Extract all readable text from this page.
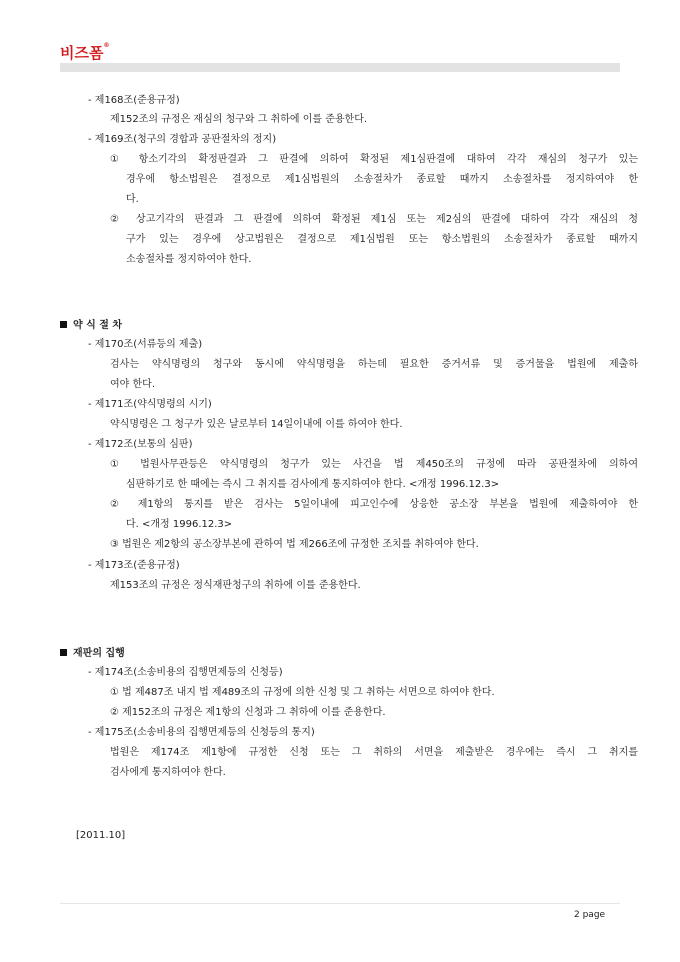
비즈폼®
- 제168조(준용규정)
제152조의 규정은 재심의 청구와 그 취하에 이를 준용한다.
- 제169조(청구의 경합과 공판절차의 정지)
① 항소기각의 확정판결과 그 판결에 의하여 확정된 제1심판결에 대하여 각각 재심의 청구가 있는
경우에 항소법원은 결정으로 제1심법원의 소송절차가 종료할 때까지 소송절차를 정지하여야 한
다.
② 상고기각의 판결과 그 판결에 의하여 확정된 제1심 또는 제2심의 판결에 대하여 각각 재심의 청
구가 있는 경우에 상고법원은 결정으로 제1심법원 또는 항소법원의 소송절차가 종료할 때까지
소송절차를 정지하여야 한다.
약 식 절 차
- 제170조(서류등의 제출)
검사는 약식명령의 청구와 동시에 약식명령을 하는데 필요한 증거서류 및 증거물을 법원에 제출하
여야 한다.
- 제171조(약식명령의 시기)
약식명령은 그 청구가 있은 날로부터 14일이내에 이를 하여야 한다.
- 제172조(보통의 심판)
① 법원사무관등은 약식명령의 청구가 있는 사건을 법 제450조의 규정에 따라 공판절차에 의하여
심판하기로 한 때에는 즉시 그 취지를 검사에게 통지하여야 한다. <개정 1996.12.3>
② 제1항의 통지를 받은 검사는 5일이내에 피고인수에 상응한 공소장 부본을 법원에 제출하여야 한
다. <개정 1996.12.3>
③ 법원은 제2항의 공소장부본에 관하여 법 제266조에 규정한 조치를 취하여야 한다.
- 제173조(준용규정)
제153조의 규정은 정식재판청구의 취하에 이를 준용한다.
재판의 집행
- 제174조(소송비용의 집행면제등의 신청등)
① 법 제487조 내지 법 제489조의 규정에 의한 신청 및 그 취하는 서면으로 하여야 한다.
② 제152조의 규정은 제1항의 신청과 그 취하에 이를 준용한다.
- 제175조(소송비용의 집행면제등의 신청등의 통지)
법원은 제174조 제1항에 규정한 신청 또는 그 취하의 서면을 제출받은 경우에는 즉시 그 취지를
검사에게 통지하여야 한다.
[2011.10]
2 page
